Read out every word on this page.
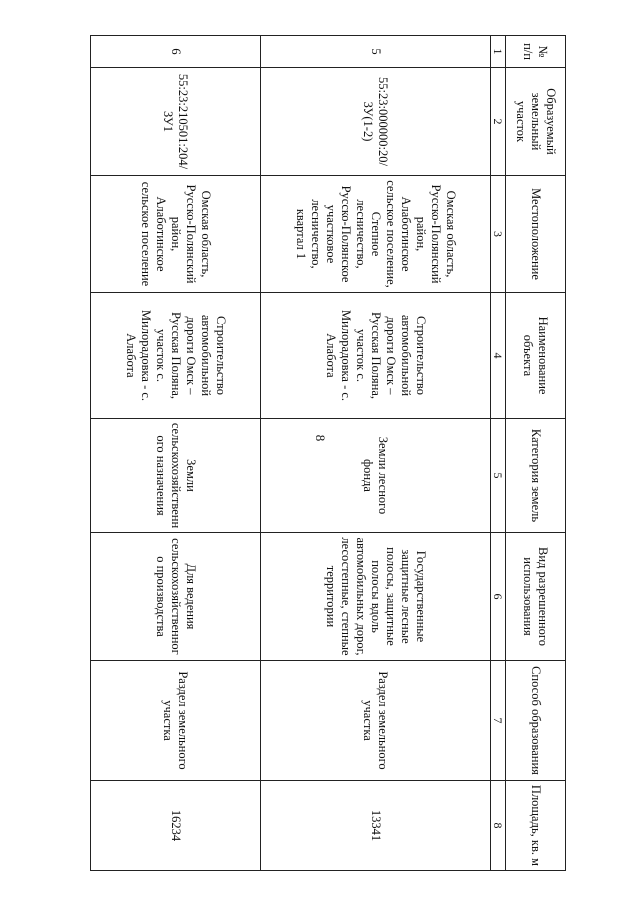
8
№ п/п	Образуемый земельный участок	Местоположение	Наименование объекта	Категория земель	Вид разрешенного использования	Способ образования	Площадь, кв. м
1	2	3	4	5	6	7	8
5	55:23:000000:20/ЗУ(1-2)	Омская область, Русско-Полянский район, Алаботинское сельское поселение, Степное лесничество, Русско-Полянское участковое лесничество, квартал 1	Строительство автомобильной дороги Омск – Русская Поляна, участок с. Милорадовка - с. Алабота	Земли лесного фонда	Государственные защитные лесные полосы, защитные полосы вдоль автомобильных дорог, лесостепные, степные территории	Раздел земельного участка	13341
6	55:23:210501:204/ЗУ1	Омская область, Русско-Полянский район, Алаботинское сельское поселение	Строительство автомобильной дороги Омск – Русская Поляна, участок с. Милорадовка - с. Алабота	Земли сельскохозяйственного назначения	Для ведения сельскохозяйственного производства	Раздел земельного участка	16234
